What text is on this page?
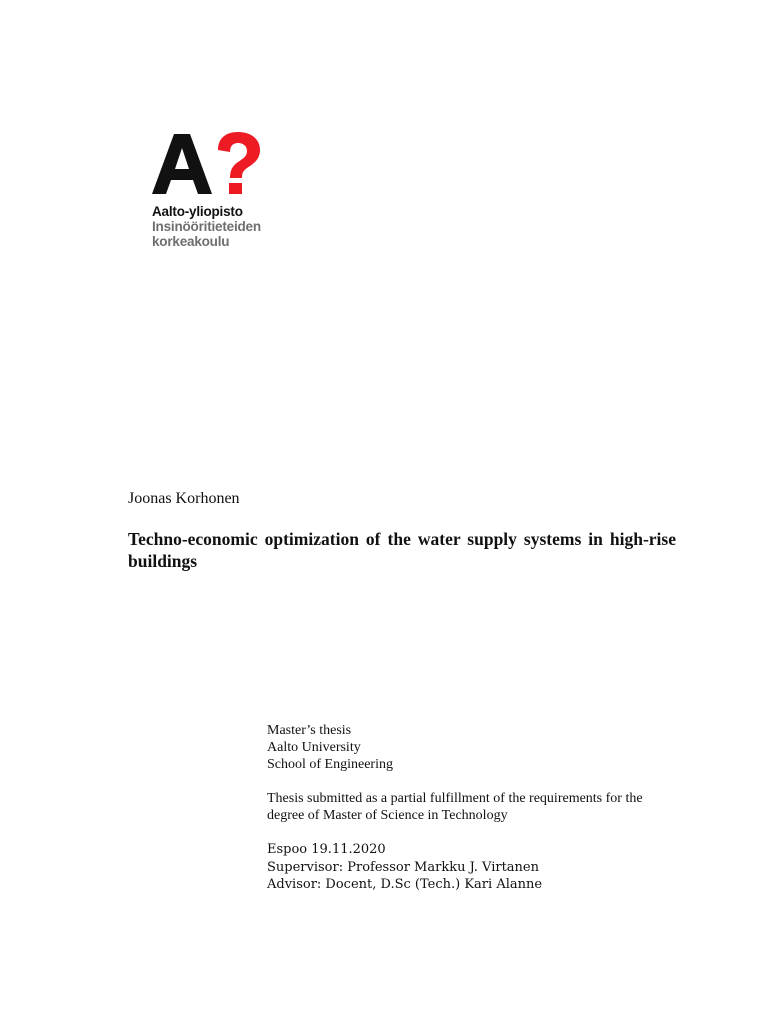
Aalto-yliopisto
Insinööritieteiden
korkeakoulu
Joonas Korhonen
Techno-economic optimization of the water supply systems in high-rise buildings
Master’s thesis
Aalto University
School of Engineering
Thesis submitted as a partial fulfillment of the requirements for the
degree of Master of Science in Technology
Espoo 19.11.2020
Supervisor: Professor Markku J. Virtanen
Advisor: Docent, D.Sc (Tech.) Kari Alanne
